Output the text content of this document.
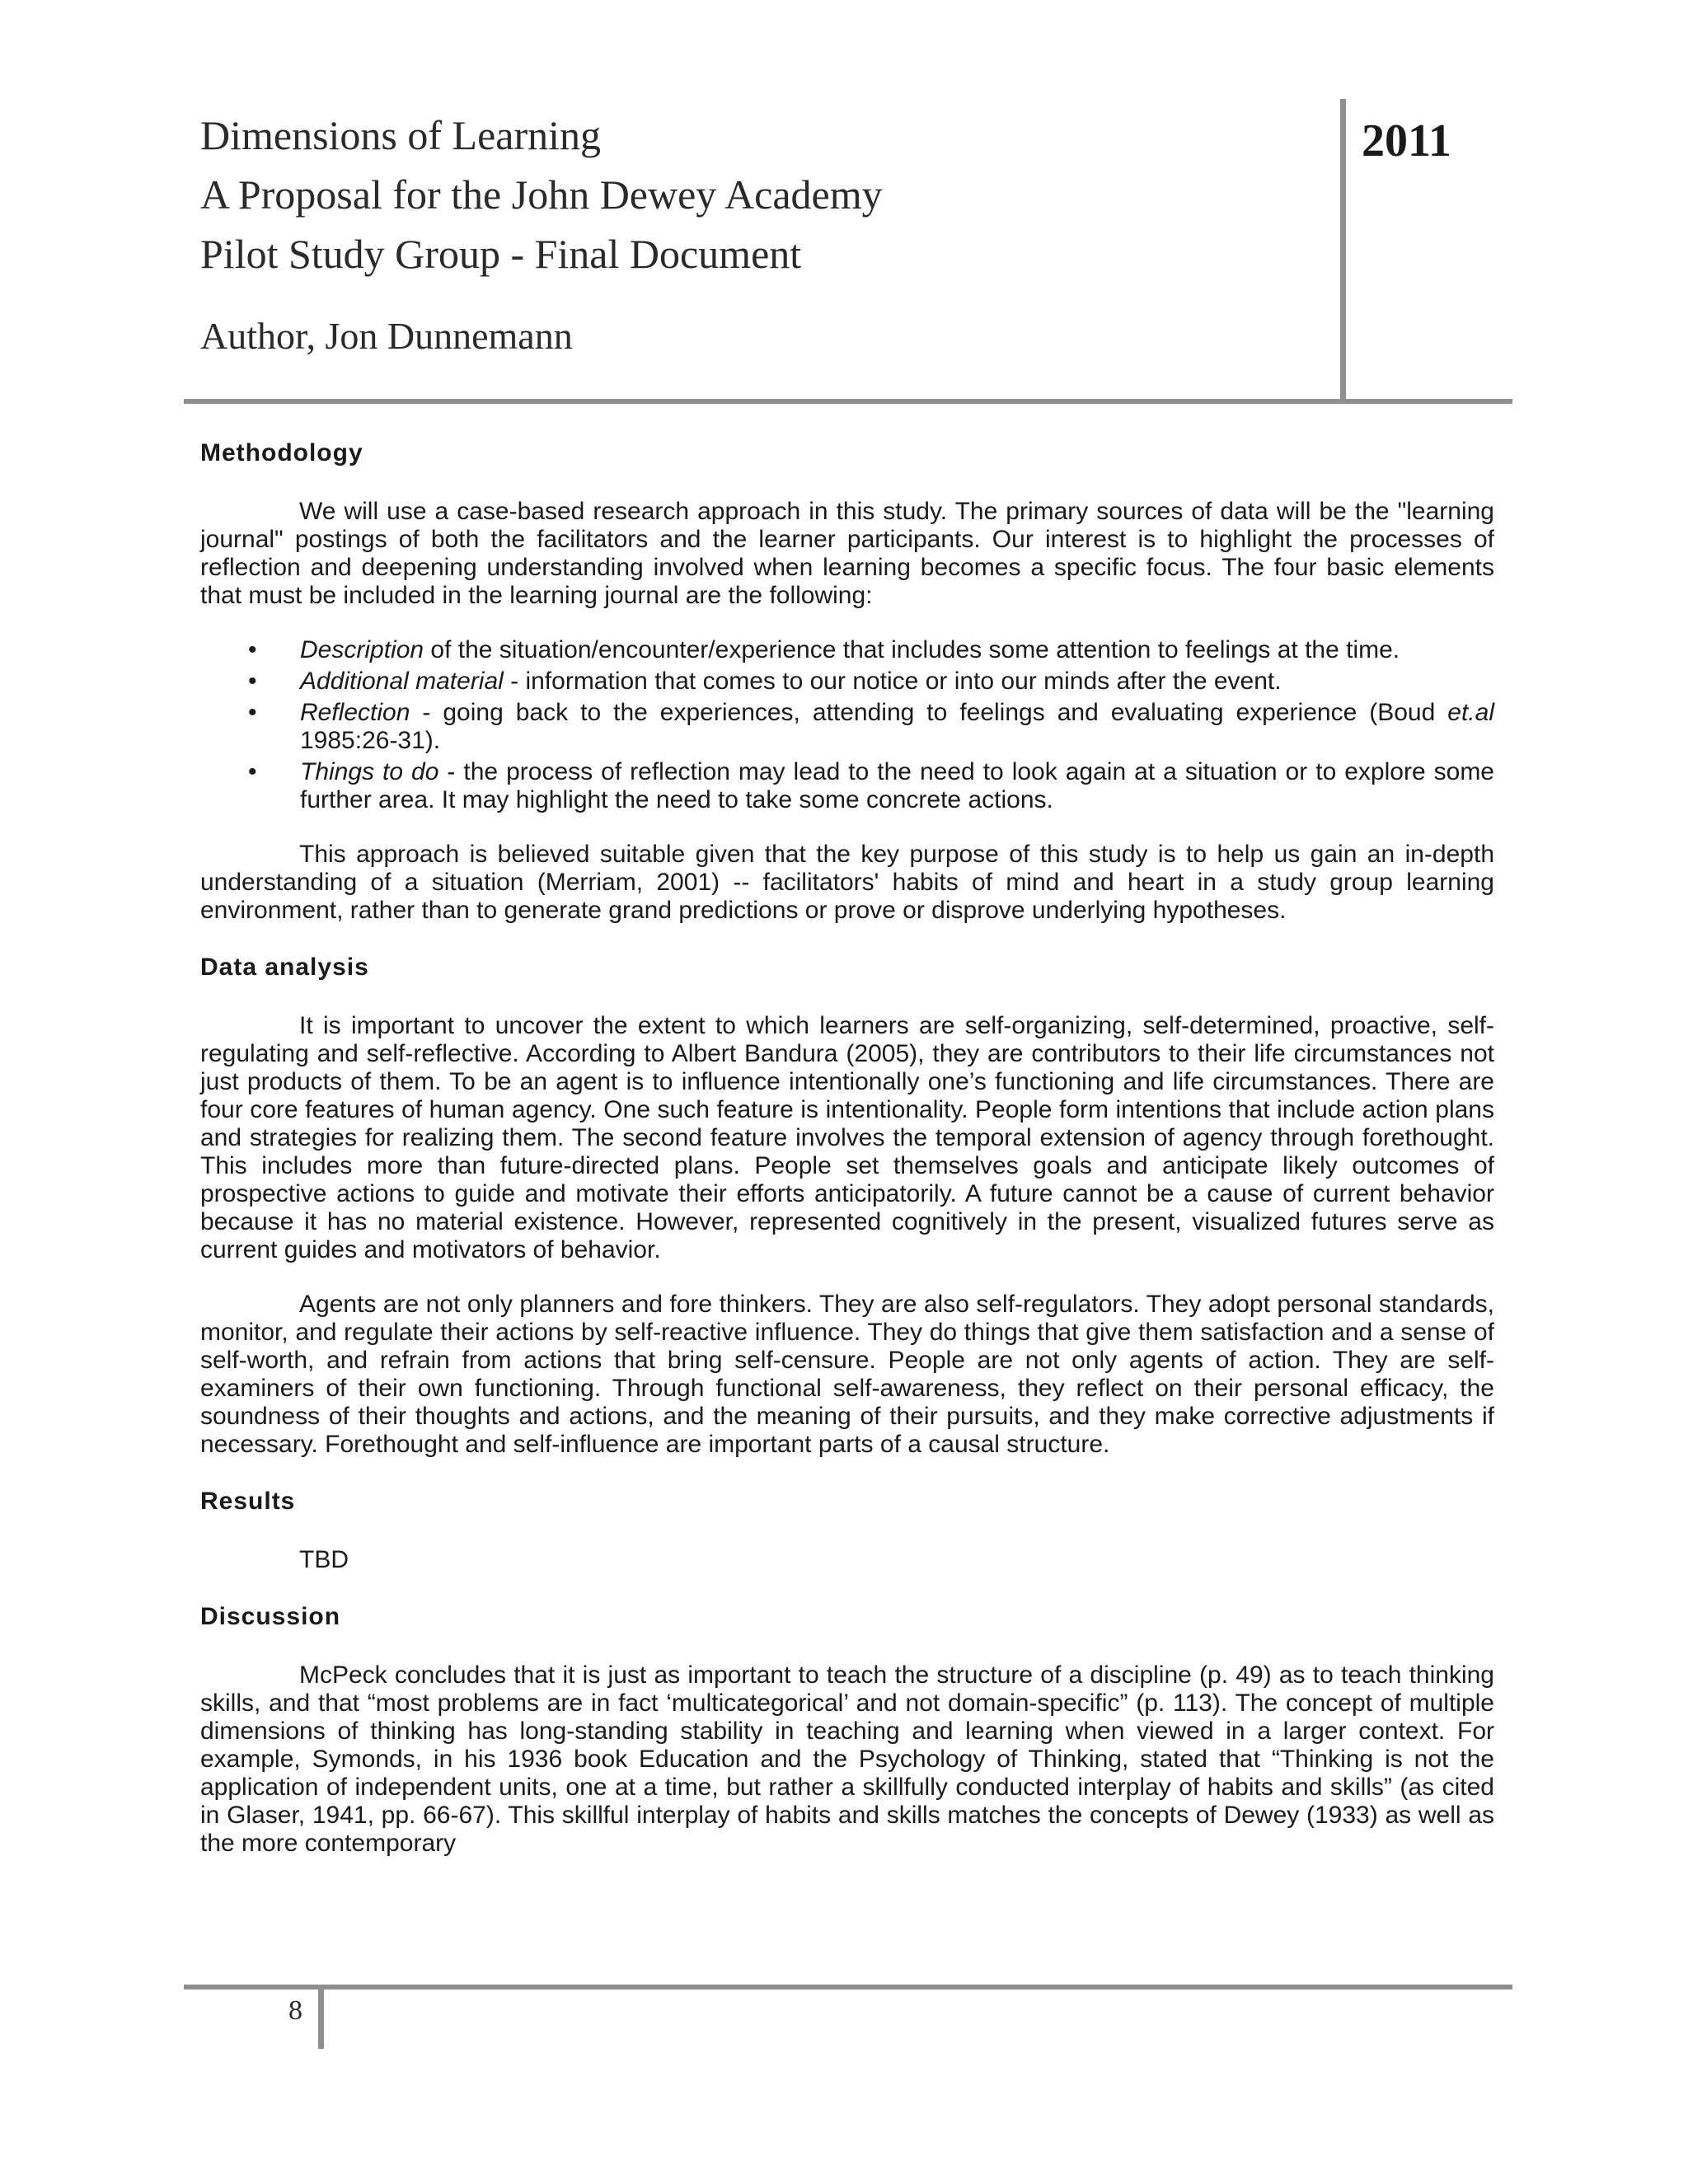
Dimensions of Learning
A Proposal for the John Dewey Academy
Pilot Study Group - Final Document
Author, Jon Dunnemann
2011
Methodology

We will use a case-based research approach in this study. The primary sources of data will be the "learning journal" postings of both the facilitators and the learner participants. Our interest is to highlight the processes of reflection and deepening understanding involved when learning becomes a specific focus. The four basic elements that must be included in the learning journal are the following:

• Description of the situation/encounter/experience that includes some attention to feelings at the time.
• Additional material - information that comes to our notice or into our minds after the event.
• Reflection - going back to the experiences, attending to feelings and evaluating experience (Boud et.al 1985:26-31).
• Things to do - the process of reflection may lead to the need to look again at a situation or to explore some further area. It may highlight the need to take some concrete actions.

This approach is believed suitable given that the key purpose of this study is to help us gain an in-depth understanding of a situation (Merriam, 2001) -- facilitators' habits of mind and heart in a study group learning environment, rather than to generate grand predictions or prove or disprove underlying hypotheses.

Data analysis

It is important to uncover the extent to which learners are self-organizing, self-determined, proactive, self-regulating and self-reflective. According to Albert Bandura (2005), they are contributors to their life circumstances not just products of them. To be an agent is to influence intentionally one’s functioning and life circumstances. There are four core features of human agency. One such feature is intentionality. People form intentions that include action plans and strategies for realizing them. The second feature involves the temporal extension of agency through forethought. This includes more than future-directed plans. People set themselves goals and anticipate likely outcomes of prospective actions to guide and motivate their efforts anticipatorily. A future cannot be a cause of current behavior because it has no material existence. However, represented cognitively in the present, visualized futures serve as current guides and motivators of behavior.

Agents are not only planners and fore thinkers. They are also self-regulators. They adopt personal standards, monitor, and regulate their actions by self-reactive influence. They do things that give them satisfaction and a sense of self-worth, and refrain from actions that bring self-censure. People are not only agents of action. They are self-examiners of their own functioning. Through functional self-awareness, they reflect on their personal efficacy, the soundness of their thoughts and actions, and the meaning of their pursuits, and they make corrective adjustments if necessary. Forethought and self-influence are important parts of a causal structure.

Results

TBD

Discussion

McPeck concludes that it is just as important to teach the structure of a discipline (p. 49) as to teach thinking skills, and that “most problems are in fact ‘multicategorical’ and not domain-specific” (p. 113). The concept of multiple dimensions of thinking has long-standing stability in teaching and learning when viewed in a larger context. For example, Symonds, in his 1936 book Education and the Psychology of Thinking, stated that “Thinking is not the application of independent units, one at a time, but rather a skillfully conducted interplay of habits and skills” (as cited in Glaser, 1941, pp. 66-67). This skillful interplay of habits and skills matches the concepts of Dewey (1933) as well as the more contemporary

8
